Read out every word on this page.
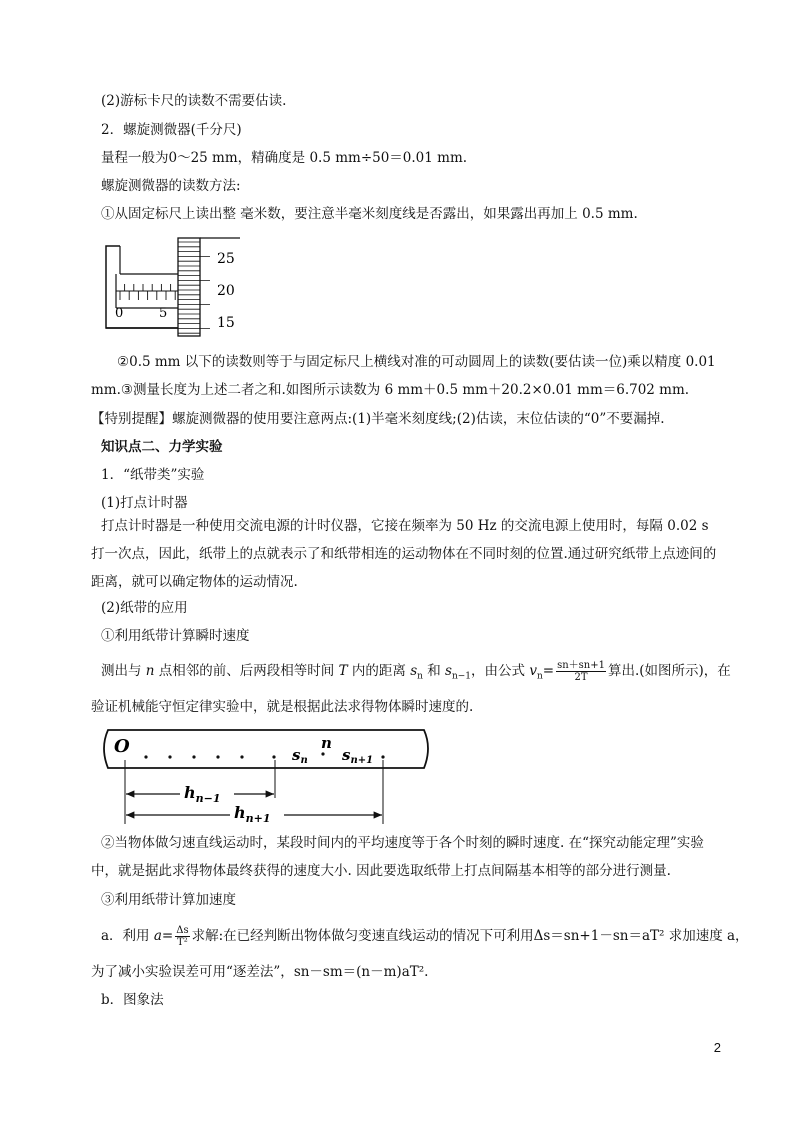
(2)游标卡尺的读数不需要估读.
2．螺旋测微器(千分尺)
量程一般为0～25 mm，精确度是 0.5 mm÷50＝0.01 mm.
螺旋测微器的读数方法:
①从固定标尺上读出整 毫米数，要注意半毫米刻度线是否露出，如果露出再加上 0.5 mm.
0	5
25
20
15
②0.5 mm 以下的读数则等于与固定标尺上横线对准的可动圆周上的读数(要估读一位)乘以精度 0.01
mm.③测量长度为上述二者之和.如图所示读数为 6 mm＋0.5 mm＋20.2×0.01 mm＝6.702 mm.
【特别提醒】螺旋测微器的使用要注意两点:(1)半毫米刻度线;(2)估读，末位估读的“0”不要漏掉.
知识点二、力学实验
1．“纸带类”实验
(1)打点计时器
打点计时器是一种使用交流电源的计时仪器，它接在频率为 50 Hz 的交流电源上使用时，每隔 0.02 s
打一次点，因此，纸带上的点就表示了和纸带相连的运动物体在不同时刻的位置.通过研究纸带上点迹间的
距离，就可以确定物体的运动情况.
(2)纸带的应用
①利用纸带计算瞬时速度
测出与 n 点相邻的前、后两段相等时间 T 内的距离 $s_n$ 和 $s_{n-1}$，由公式 $v_n= \frac{sn+sn+1}{2T}$ 算出.(如图所示)，在
验证机械能守恒定律实验中，就是根据此法求得物体瞬时速度的.
O	$s_n$
n
$s_{n+1}$
$h_{n-1}$
$h_{n+1}$
②当物体做匀速直线运动时，某段时间内的平均速度等于各个时刻的瞬时速度. 在“探究动能定理”实验
中，就是据此求得物体最终获得的速度大小. 因此要选取纸带上打点间隔基本相等的部分进行测量.
③利用纸带计算加速度
a．利用 $a= \frac{\Delta s}{\text{T²}}$ 求解:在已经判断出物体做匀变速直线运动的情况下可利用Δs＝sn+1－sn＝aT² 求加速度 a，
为了减小实验误差可用“逐差法”，sn－sm＝(n－m)aT².
b．图象法
2
